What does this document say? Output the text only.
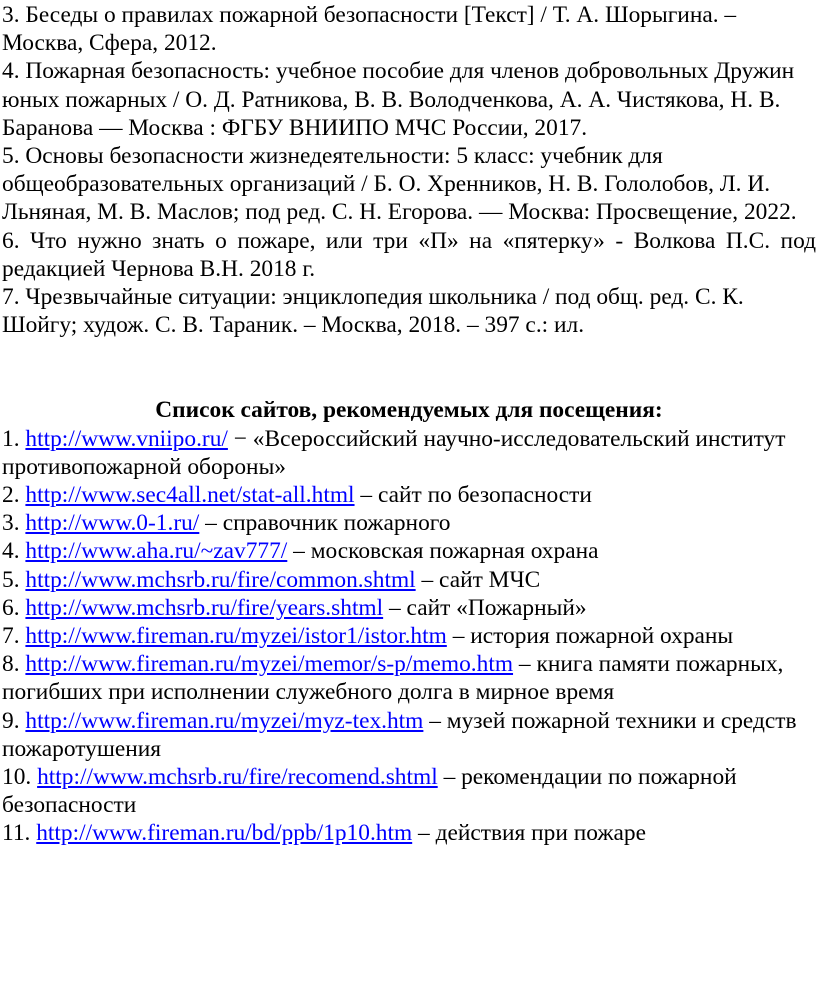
3. Беседы о правилах пожарной безопасности [Текст] / Т. А. Шорыгина. – Москва, Сфера, 2012.

4. Пожарная безопасность: учебное пособие для членов добровольных Дружин юных пожарных / О. Д. Ратникова, В. В. Володченкова, А. А. Чистякова, Н. В. Баранова — Москва : ФГБУ ВНИИПО МЧС России, 2017.

5. Основы безопасности жизнедеятельности: 5 класс: учебник для общеобразовательных организаций / Б. О. Хренников, Н. В. Гололобов, Л. И. Льняная, М. В. Маслов; под ред. С. Н. Егорова. — Москва: Просвещение, 2022.

6. Что нужно знать о пожаре, или три «П» на «пятерку» - Волкова П.С. под редакцией Чернова В.Н. 2018 г.

7. Чрезвычайные ситуации: энциклопедия школьника / под общ. ред. С. К. Шойгу; худож. С. В. Тараник. – Москва, 2018. – 397 с.: ил.

Список сайтов, рекомендуемых для посещения:

1. http://www.vniipo.ru/ − «Всероссийский научно-исследовательский институт противопожарной обороны»

2. http://www.sec4all.net/stat-all.html – сайт по безопасности

3. http://www.0-1.ru/ – справочник пожарного

4. http://www.aha.ru/~zav777/ – московская пожарная охрана

5. http://www.mchsrb.ru/fire/common.shtml – сайт МЧС

6. http://www.mchsrb.ru/fire/years.shtml – сайт «Пожарный»

7. http://www.fireman.ru/myzei/istor1/istor.htm – история пожарной охраны

8. http://www.fireman.ru/myzei/memor/s-p/memo.htm – книга памяти пожарных, погибших при исполнении служебного долга в мирное время

9. http://www.fireman.ru/myzei/myz-tex.htm – музей пожарной техники и средств пожаротушения

10. http://www.mchsrb.ru/fire/recomend.shtml – рекомендации по пожарной безопасности

11. http://www.fireman.ru/bd/ppb/1p10.htm – действия при пожаре
